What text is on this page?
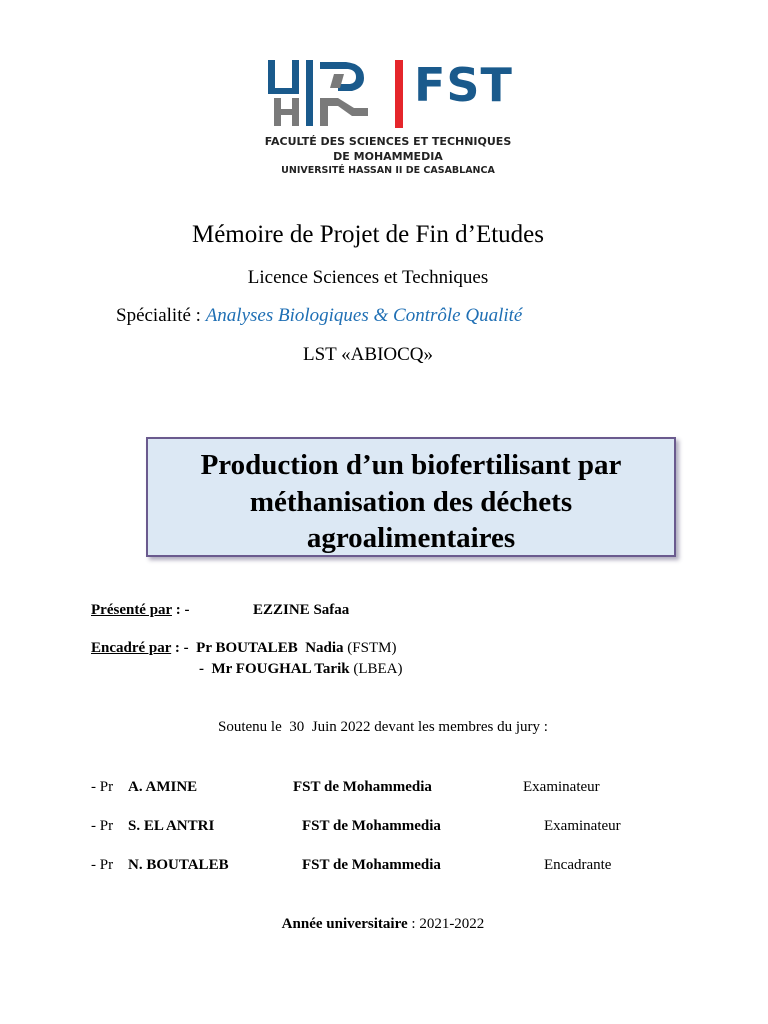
FST
FACULTÉ DES SCIENCES ET TECHNIQUES
DE MOHAMMEDIA
UNIVERSITÉ HASSAN II DE CASABLANCA
Mémoire de Projet de Fin d’Etudes
Licence Sciences et Techniques
Spécialité : Analyses Biologiques & Contrôle Qualité
LST «ABIOCQ»
Production d’un biofertilisant par
méthanisation des déchets
agroalimentaires
Présenté par : -	EZZINE Safaa
Encadré par : -  Pr BOUTALEB  Nadia (FSTM)
-  Mr FOUGHAL Tarik (LBEA)
Soutenu le  30  Juin 2022 devant les membres du jury :
- Pr A. AMINE	FST de Mohammedia	Examinateur
- Pr S. EL ANTRI	FST de Mohammedia	Examinateur
- Pr N. BOUTALEB	FST de Mohammedia	Encadrante
Année universitaire : 2021-2022
